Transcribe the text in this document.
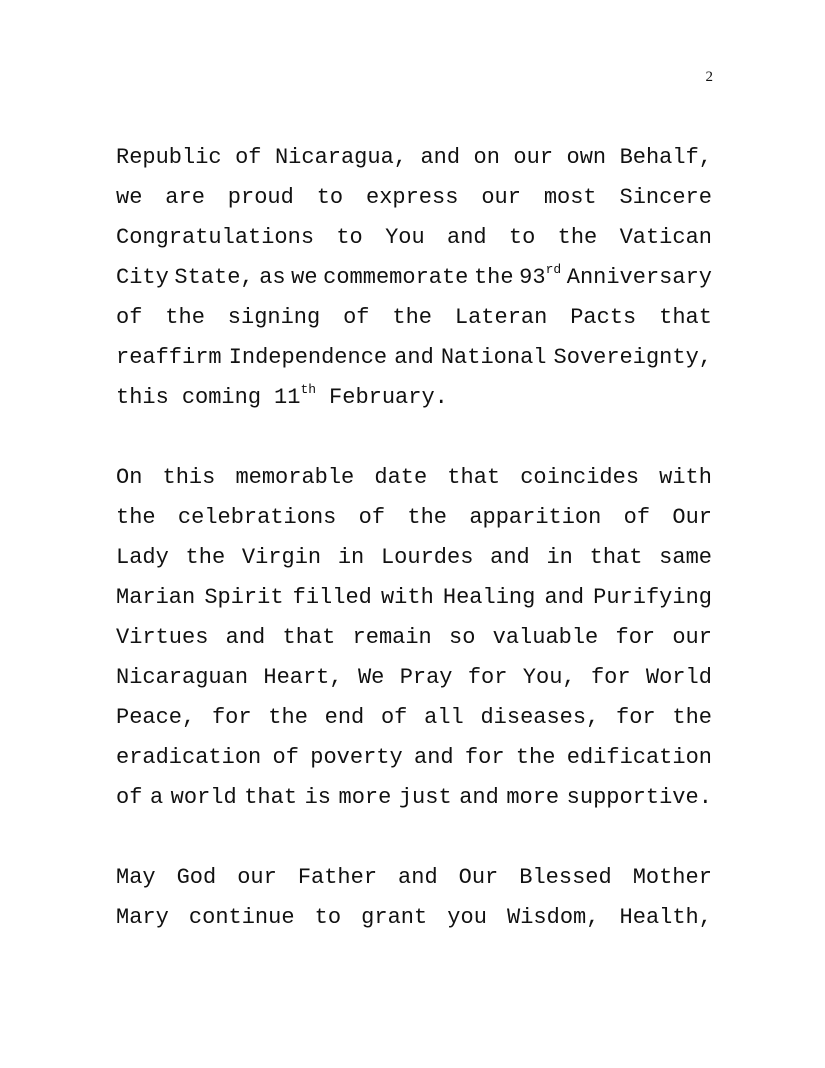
2
Republic of Nicaragua, and on our own Behalf,
we are proud to express our most Sincere
Congratulations to You and to the Vatican
City State, as we commemorate the 93rd Anniversary
of the signing of the Lateran Pacts that
reaffirm Independence and National Sovereignty,
this coming 11th February.
On this memorable date that coincides with
the celebrations of the apparition of Our
Lady the Virgin in Lourdes and in that same
Marian Spirit filled with Healing and Purifying
Virtues and that remain so valuable for our
Nicaraguan Heart, We Pray for You, for World
Peace, for the end of all diseases, for the
eradication of poverty and for the edification
of a world that is more just and more supportive.
May God our Father and Our Blessed Mother
Mary continue to grant you Wisdom, Health,
